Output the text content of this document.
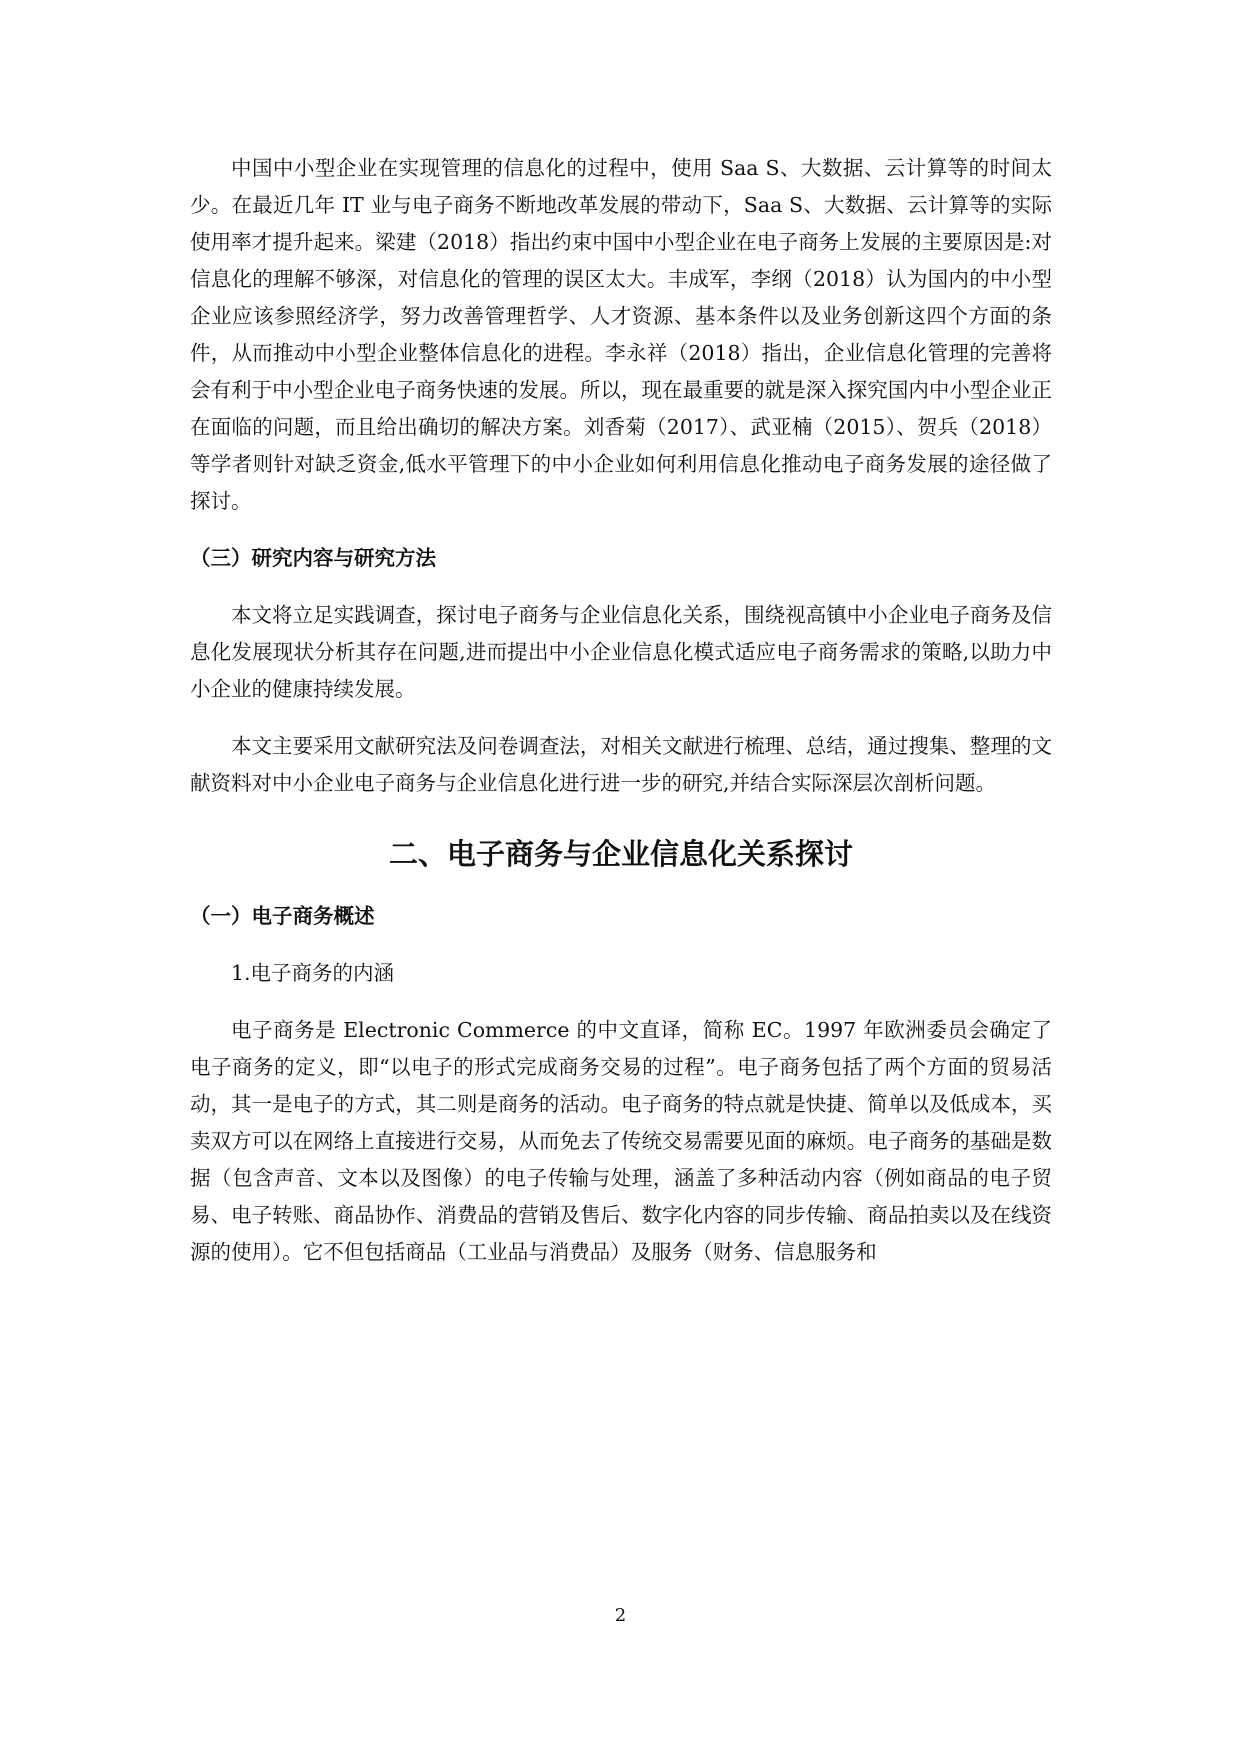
中国中小型企业在实现管理的信息化的过程中，使用 Saa S、大数据、云计算等的时间太少。在最近几年 IT 业与电子商务不断地改革发展的带动下，Saa S、大数据、云计算等的实际使用率才提升起来。梁建（2018）指出约束中国中小型企业在电子商务上发展的主要原因是:对信息化的理解不够深，对信息化的管理的误区太大。丰成军，李纲（2018）认为国内的中小型企业应该参照经济学，努力改善管理哲学、人才资源、基本条件以及业务创新这四个方面的条件，从而推动中小型企业整体信息化的进程。李永祥（2018）指出，企业信息化管理的完善将会有利于中小型企业电子商务快速的发展。所以，现在最重要的就是深入探究国内中小型企业正在面临的问题，而且给出确切的解决方案。刘香菊（2017）、武亚楠（2015）、贺兵（2018）等学者则针对缺乏资金,低水平管理下的中小企业如何利用信息化推动电子商务发展的途径做了探讨。

（三）研究内容与研究方法

本文将立足实践调查，探讨电子商务与企业信息化关系，围绕视高镇中小企业电子商务及信息化发展现状分析其存在问题,进而提出中小企业信息化模式适应电子商务需求的策略,以助力中小企业的健康持续发展。

本文主要采用文献研究法及问卷调查法，对相关文献进行梳理、总结，通过搜集、整理的文献资料对中小企业电子商务与企业信息化进行进一步的研究,并结合实际深层次剖析问题。

二、电子商务与企业信息化关系探讨
（一）电子商务概述

1.电子商务的内涵

电子商务是 Electronic Commerce 的中文直译，简称 EC。1997 年欧洲委员会确定了电子商务的定义，即“以电子的形式完成商务交易的过程”。电子商务包括了两个方面的贸易活动，其一是电子的方式，其二则是商务的活动。电子商务的特点就是快捷、简单以及低成本，买卖双方可以在网络上直接进行交易，从而免去了传统交易需要见面的麻烦。电子商务的基础是数据（包含声音、文本以及图像）的电子传输与处理，涵盖了多种活动内容（例如商品的电子贸易、电子转账、商品协作、消费品的营销及售后、数字化内容的同步传输、商品拍卖以及在线资源的使用）。它不但包括商品（工业品与消费品）及服务（财务、信息服务和

2
